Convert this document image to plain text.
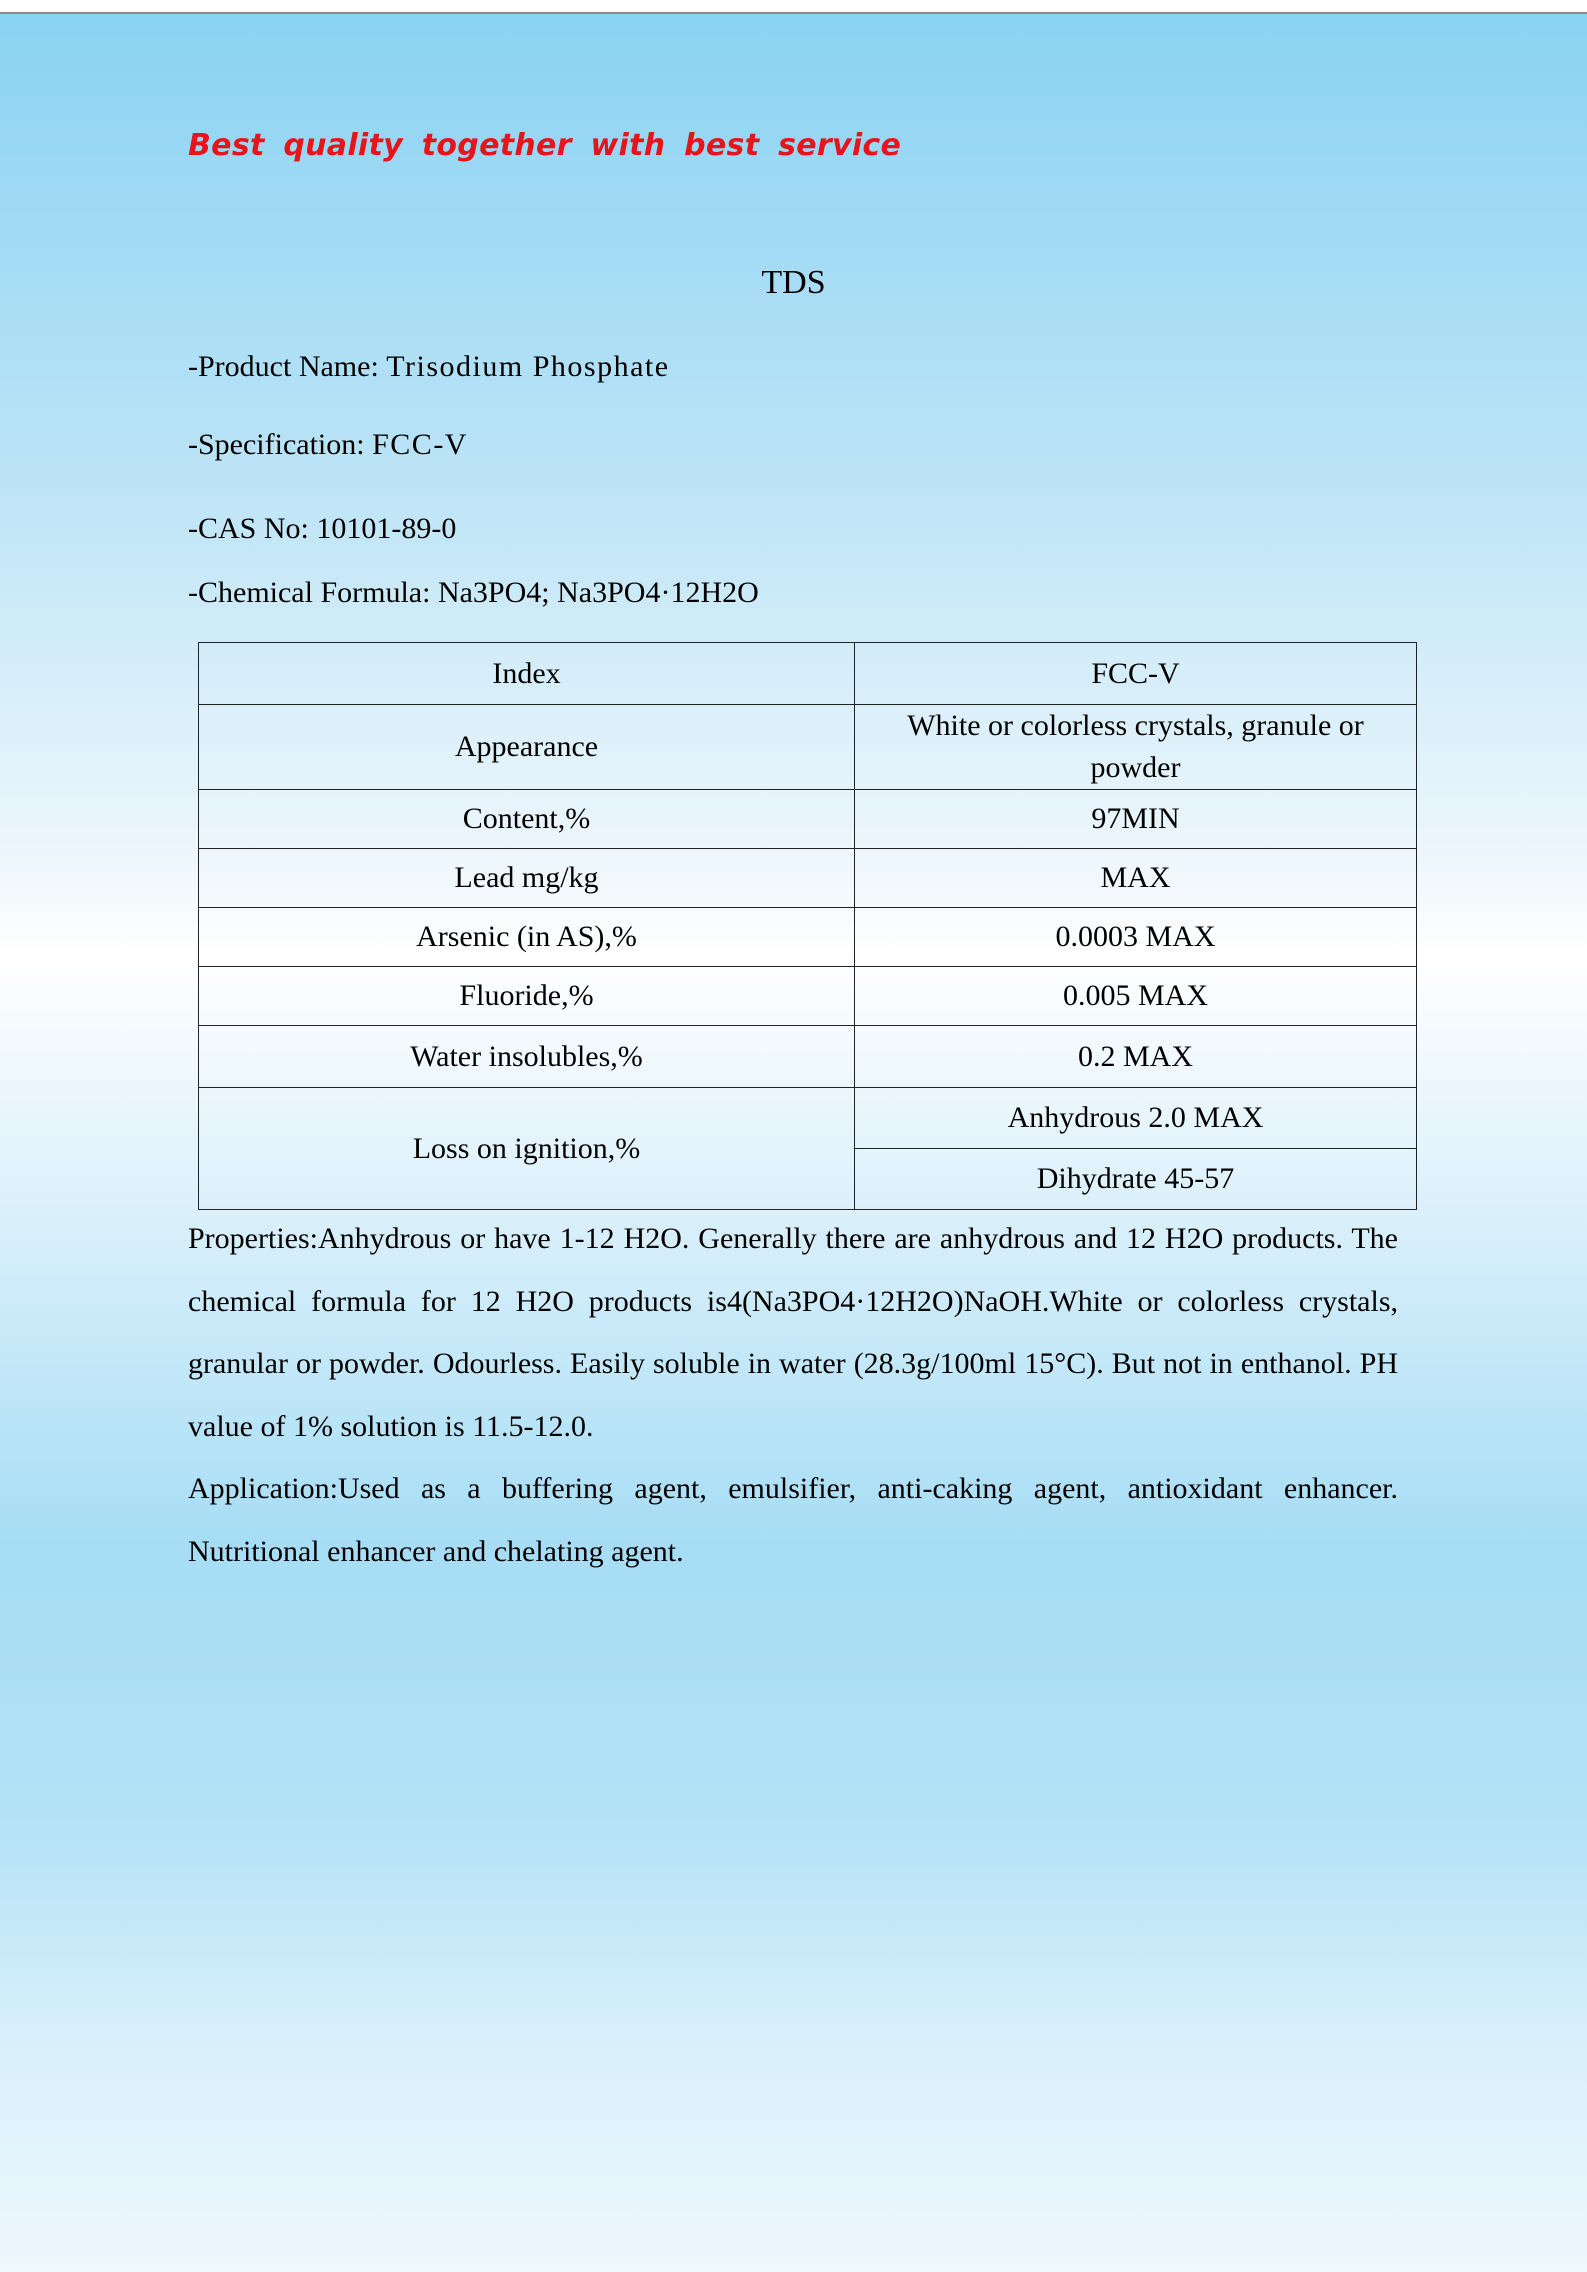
Best quality together with best service
TDS
-Product Name: Trisodium Phosphate
-Specification: FCC-V
-CAS No: 10101-89-0
-Chemical Formula: Na3PO4; Na3PO4·12H2O
Index	FCC-V
Appearance	White or colorless crystals, granule or powder
Content,%	97MIN
Lead mg/kg	MAX
Arsenic (in AS),%	0.0003 MAX
Fluoride,%	0.005 MAX
Water insolubles,%	0.2 MAX
Loss on ignition,%	Anhydrous 2.0 MAX
	Dihydrate 45-57

Properties:Anhydrous or have 1-12 H2O. Generally there are anhydrous and 12 H2O products. The chemical formula for 12 H2O products is4(Na3PO4·12H2O)NaOH.White or colorless crystals, granular or powder. Odourless. Easily soluble in water (28.3g/100ml 15°C). But not in enthanol. PH value of 1% solution is 11.5-12.0.

Application:Used as a buffering agent, emulsifier, anti-caking agent, antioxidant enhancer. Nutritional enhancer and chelating agent.
